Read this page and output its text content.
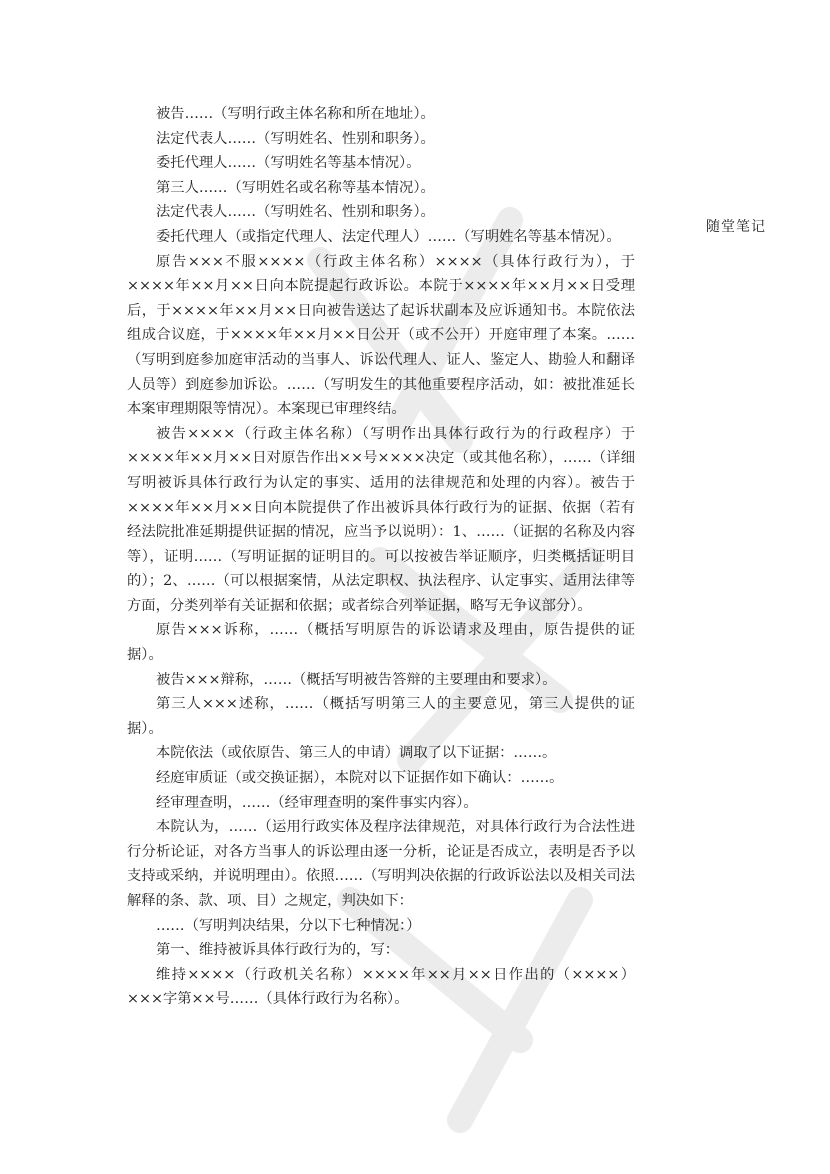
随堂笔记

被告……（写明行政主体名称和所在地址）。

法定代表人……（写明姓名、性别和职务）。

委托代理人……（写明姓名等基本情况）。

第三人……（写明姓名或名称等基本情况）。

法定代表人……（写明姓名、性别和职务）。

委托代理人（或指定代理人、法定代理人）……（写明姓名等基本情况）。

原告×××不服××××（行政主体名称）××××（具体行政行为），于××××年××月××日向本院提起行政诉讼。本院于××××年××月××日受理后，于××××年××月××日向被告送达了起诉状副本及应诉通知书。本院依法组成合议庭，于××××年××月××日公开（或不公开）开庭审理了本案。……（写明到庭参加庭审活动的当事人、诉讼代理人、证人、鉴定人、勘验人和翻译人员等）到庭参加诉讼。……（写明发生的其他重要程序活动，如：被批准延长本案审理期限等情况）。本案现已审理终结。

被告××××（行政主体名称）（写明作出具体行政行为的行政程序）于××××年××月××日对原告作出××号××××决定（或其他名称），……（详细写明被诉具体行政行为认定的事实、适用的法律规范和处理的内容）。被告于××××年××月××日向本院提供了作出被诉具体行政行为的证据、依据（若有经法院批准延期提供证据的情况，应当予以说明）：1、……（证据的名称及内容等），证明……（写明证据的证明目的。可以按被告举证顺序，归类概括证明目的）；2、……（可以根据案情，从法定职权、执法程序、认定事实、适用法律等方面，分类列举有关证据和依据；或者综合列举证据，略写无争议部分）。

原告×××诉称，……（概括写明原告的诉讼请求及理由，原告提供的证据）。

被告×××辩称，……（概括写明被告答辩的主要理由和要求）。

第三人×××述称，……（概括写明第三人的主要意见，第三人提供的证据）。

本院依法（或依原告、第三人的申请）调取了以下证据：……。

经庭审质证（或交换证据），本院对以下证据作如下确认：……。

经审理查明，……（经审理查明的案件事实内容）。

本院认为，……（运用行政实体及程序法律规范，对具体行政行为合法性进行分析论证，对各方当事人的诉讼理由逐一分析，论证是否成立，表明是否予以支持或采纳，并说明理由）。依照……（写明判决依据的行政诉讼法以及相关司法解释的条、款、项、目）之规定，判决如下：

……（写明判决结果，分以下七种情况：）

第一、维持被诉具体行政行为的，写：

维持××××（行政机关名称）××××年××月××日作出的（××××）×××字第××号……（具体行政行为名称）。
